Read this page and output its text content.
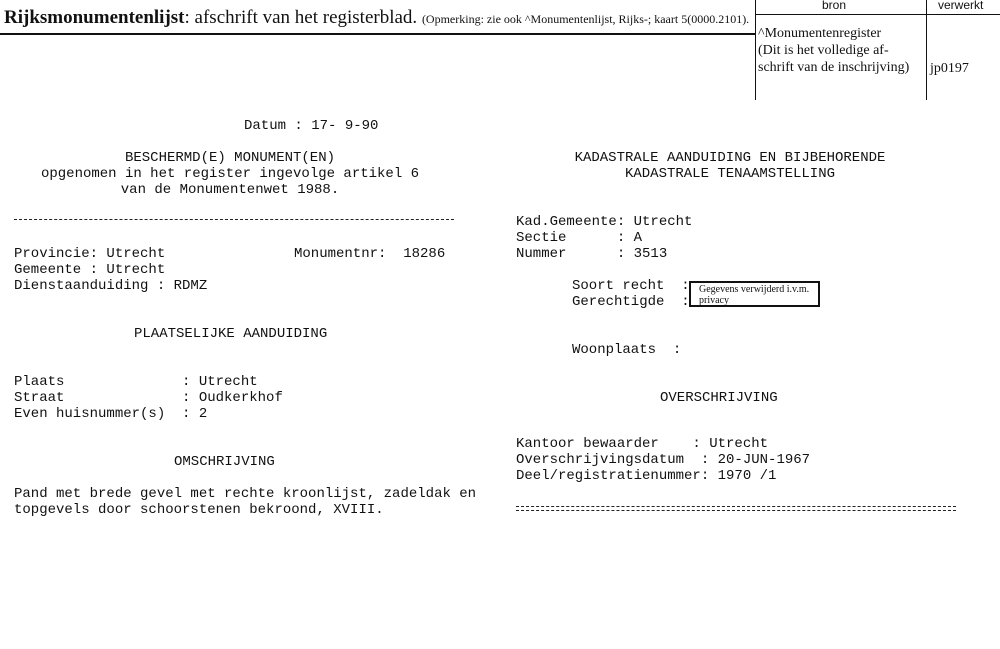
Rijksmonumentenlijst: afschrift van het registerblad. (Opmerking: zie ook ^Monumentenlijst, Rijks-; kaart 5(0000.2101).
bron	verwerkt
^Monumentenregister
(Dit is het volledige af-
schrift van de inschrijving) jp0197
Datum : 17- 9-90
BESCHERMD(E) MONUMENT(EN)
opgenomen in het register ingevolge artikel 6
van de Monumentenwet 1988.
Provincie: Utrecht	Monumentnr:  18286
Gemeente : Utrecht
Dienstaanduiding : RDMZ
PLAATSELIJKE AANDUIDING
Plaats              : Utrecht
Straat              : Oudkerkhof
Even huisnummer(s)  : 2
OMSCHRIJVING
Pand met brede gevel met rechte kroonlijst, zadeldak en
topgevels door schoorstenen bekroond, XVIII.
KADASTRALE AANDUIDING EN BIJBEHORENDE
KADASTRALE TENAAMSTELLING
Kad.Gemeente: Utrecht
Sectie      : A
Nummer      : 3513
Soort recht  :
Gerechtigde  :
Gegevens verwijderd i.v.m. privacy
Woonplaats  :
OVERSCHRIJVING
Kantoor bewaarder    : Utrecht
Overschrijvingsdatum  : 20-JUN-1967
Deel/registratienummer: 1970 /1
